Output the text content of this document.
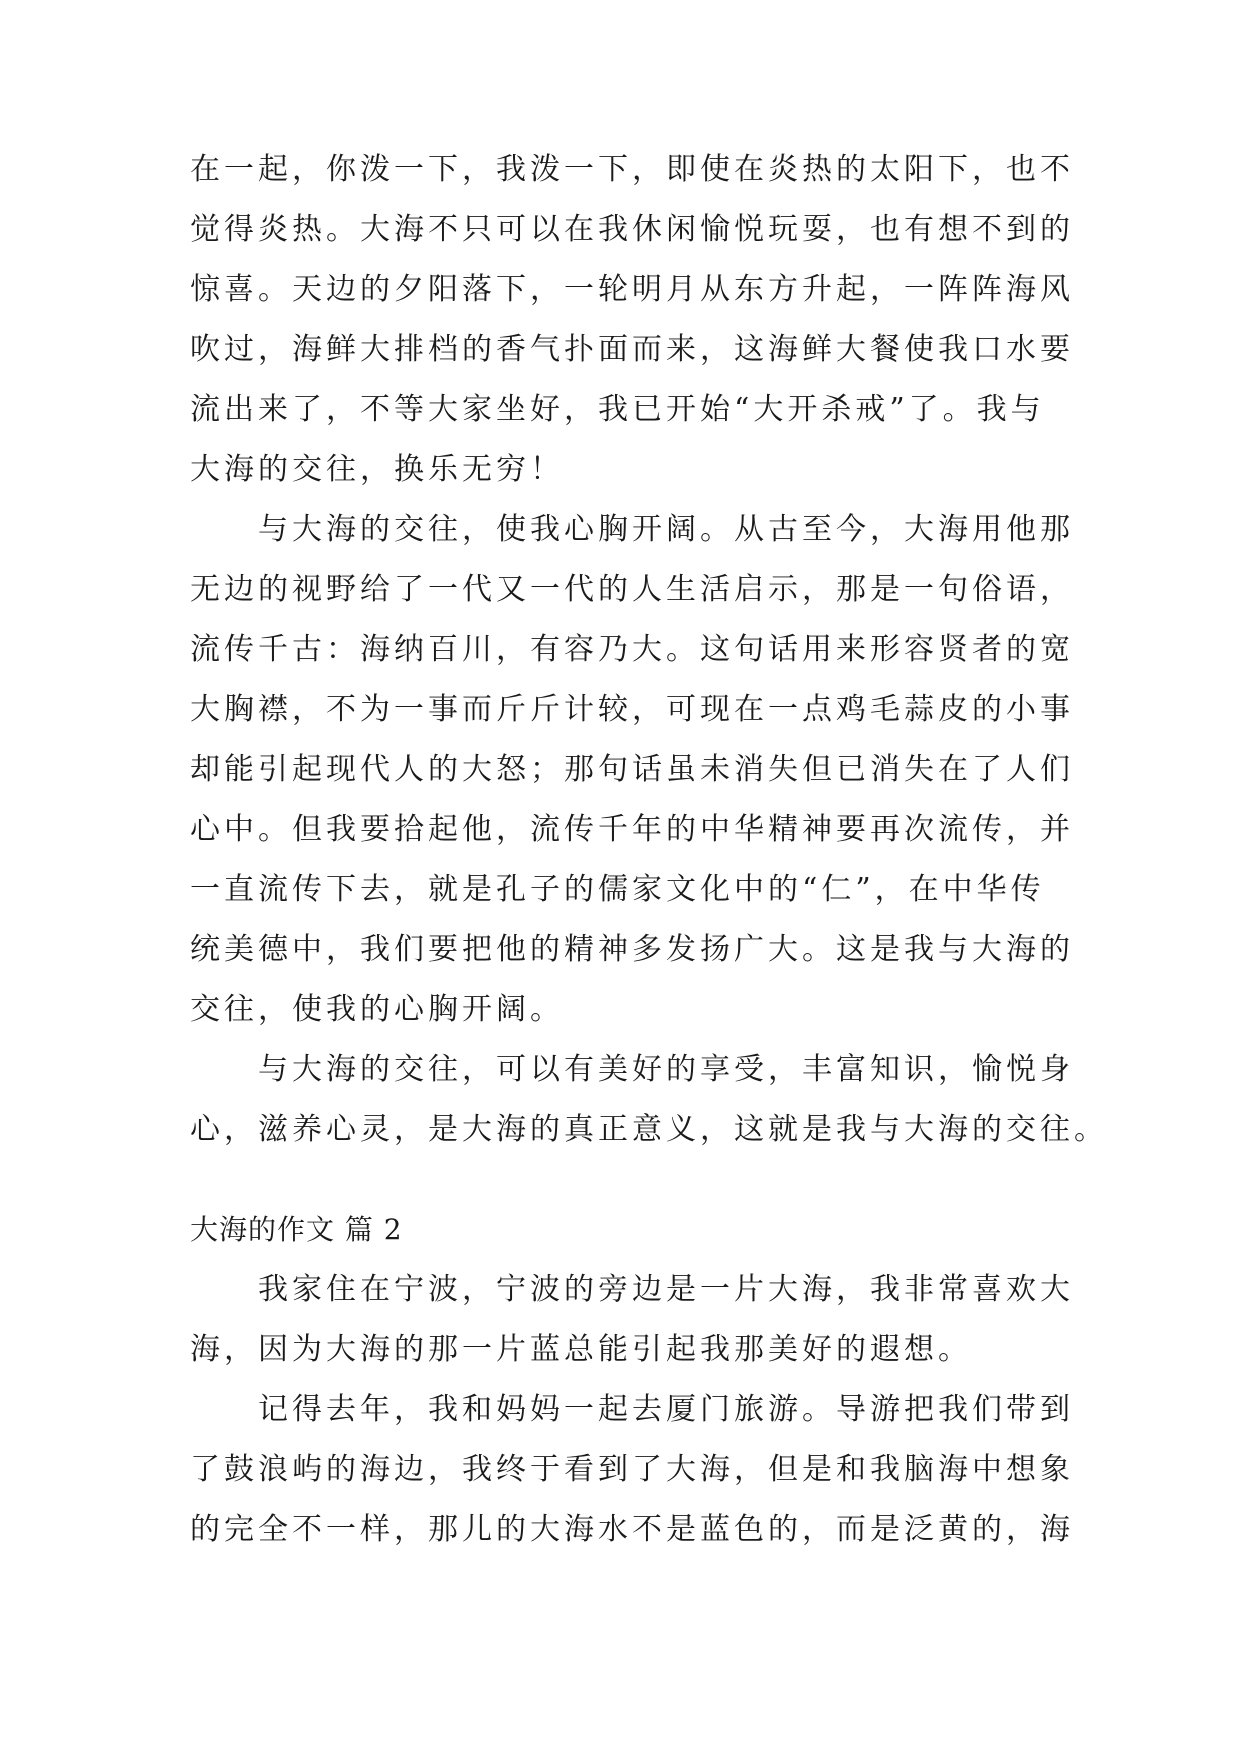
在一起，你泼一下，我泼一下，即使在炎热的太阳下，也不
觉得炎热。大海不只可以在我休闲愉悦玩耍，也有想不到的
惊喜。天边的夕阳落下，一轮明月从东方升起，一阵阵海风
吹过，海鲜大排档的香气扑面而来，这海鲜大餐使我口水要
流出来了，不等大家坐好，我已开始“大开杀戒”了。我与
大海的交往，换乐无穷！
　　与大海的交往，使我心胸开阔。从古至今，大海用他那
无边的视野给了一代又一代的人生活启示，那是一句俗语，
流传千古：海纳百川，有容乃大。这句话用来形容贤者的宽
大胸襟，不为一事而斤斤计较，可现在一点鸡毛蒜皮的小事
却能引起现代人的大怒；那句话虽未消失但已消失在了人们
心中。但我要拾起他，流传千年的中华精神要再次流传，并
一直流传下去，就是孔子的儒家文化中的“仁”，在中华传
统美德中，我们要把他的精神多发扬广大。这是我与大海的
交往，使我的心胸开阔。
　　与大海的交往，可以有美好的享受，丰富知识，愉悦身
心，滋养心灵，是大海的真正意义，这就是我与大海的交往。
大海的作文 篇 2
　　我家住在宁波，宁波的旁边是一片大海，我非常喜欢大
海，因为大海的那一片蓝总能引起我那美好的遐想。
　　记得去年，我和妈妈一起去厦门旅游。导游把我们带到
了鼓浪屿的海边，我终于看到了大海，但是和我脑海中想象
的完全不一样，那儿的大海水不是蓝色的，而是泛黄的，海
